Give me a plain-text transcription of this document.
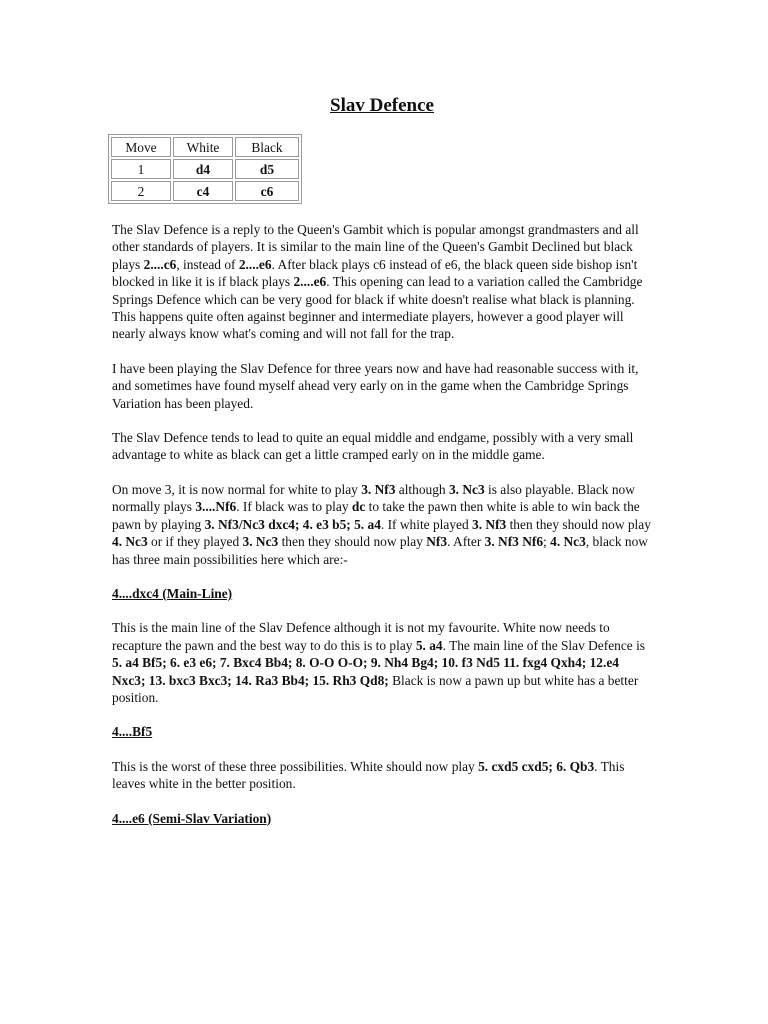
Slav Defence
Move	White	Black
1	d4	d5
2	c4	c6

The Slav Defence is a reply to the Queen's Gambit which is popular amongst grandmasters and all other standards of players. It is similar to the main line of the Queen's Gambit Declined but black plays 2....c6, instead of 2....e6. After black plays c6 instead of e6, the black queen side bishop isn't blocked in like it is if black plays 2....e6. This opening can lead to a variation called the Cambridge Springs Defence which can be very good for black if white doesn't realise what black is planning. This happens quite often against beginner and intermediate players, however a good player will nearly always know what's coming and will not fall for the trap.

I have been playing the Slav Defence for three years now and have had reasonable success with it, and sometimes have found myself ahead very early on in the game when the Cambridge Springs Variation has been played.

The Slav Defence tends to lead to quite an equal middle and endgame, possibly with a very small advantage to white as black can get a little cramped early on in the middle game.

On move 3, it is now normal for white to play 3. Nf3 although 3. Nc3 is also playable. Black now normally plays 3....Nf6. If black was to play dc to take the pawn then white is able to win back the pawn by playing 3. Nf3/Nc3 dxc4; 4. e3 b5; 5. a4. If white played 3. Nf3 then they should now play 4. Nc3 or if they played 3. Nc3 then they should now play Nf3. After 3. Nf3 Nf6; 4. Nc3, black now has three main possibilities here which are:-

4....dxc4 (Main-Line)

This is the main line of the Slav Defence although it is not my favourite. White now needs to recapture the pawn and the best way to do this is to play 5. a4. The main line of the Slav Defence is 5. a4 Bf5; 6. e3 e6; 7. Bxc4 Bb4; 8. O-O O-O; 9. Nh4 Bg4; 10. f3 Nd5 11. fxg4 Qxh4; 12.e4 Nxc3; 13. bxc3 Bxc3; 14. Ra3 Bb4; 15. Rh3 Qd8; Black is now a pawn up but white has a better position.

4....Bf5

This is the worst of these three possibilities. White should now play 5. cxd5 cxd5; 6. Qb3. This leaves white in the better position.

4....e6 (Semi-Slav Variation)
